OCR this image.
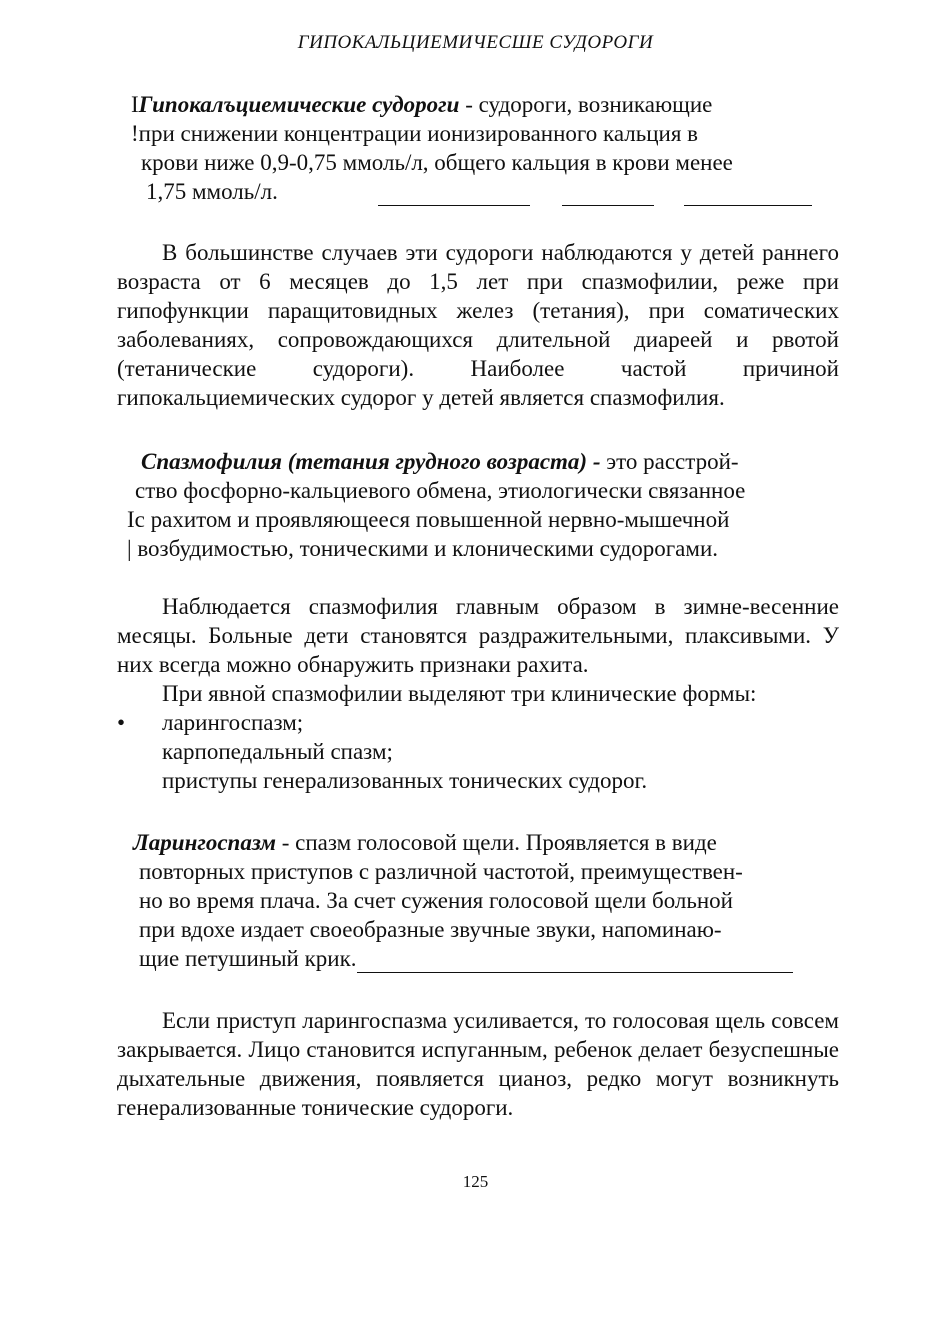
ГИПОКАЛЬЦИЕМИЧЕСШЕ СУДОРОГИ

IГипокалъциемические судороги - судороги, возникающие

!при снижении концентрации ионизированного кальция в

крови ниже 0,9-0,75 ммоль/л, общего кальция в крови менее

1,75 ммоль/л.

В большинстве случаев эти судороги наблюдаются у детей раннего возраста от 6 месяцев до 1,5 лет при спазмофилии, реже при гипофункции паращитовидных желез (тетания), при соматических заболеваниях, сопровождающихся длительной диареей и рвотой (тетанические судороги). Наиболее частой причиной гипокальциемических судорог у детей является спазмофилия.

Спазмофилия (тетания грудного возраста) - это расстрой-

ство фосфорно-кальциевого обмена, этиологически связанное

Iс рахитом и проявляющееся повышенной нервно-мышечной

| возбудимостью, тоническими и клоническими судорогами.

Наблюдается спазмофилия главным образом в зимне-весенние месяцы. Больные дети становятся раздражительными, плаксивыми. У них всегда можно обнаружить признаки рахита.

При явной спазмофилии выделяют три клинические формы:

• ларингоспазм;

карпопедальный спазм;

приступы генерализованных тонических судорог.

Ларингоспазм - спазм голосовой щели. Проявляется в виде

повторных приступов с различной частотой, преимуществен-

но во время плача. За счет сужения голосовой щели больной

при вдохе издает своеобразные звучные звуки, напоминаю-

щие петушиный крик.

Если приступ ларингоспазма усиливается, то голосовая щель совсем закрывается. Лицо становится испуганным, ребенок делает безуспешные дыхательные движения, появляется цианоз, редко могут возникнуть генерализованные тонические судороги.

125
